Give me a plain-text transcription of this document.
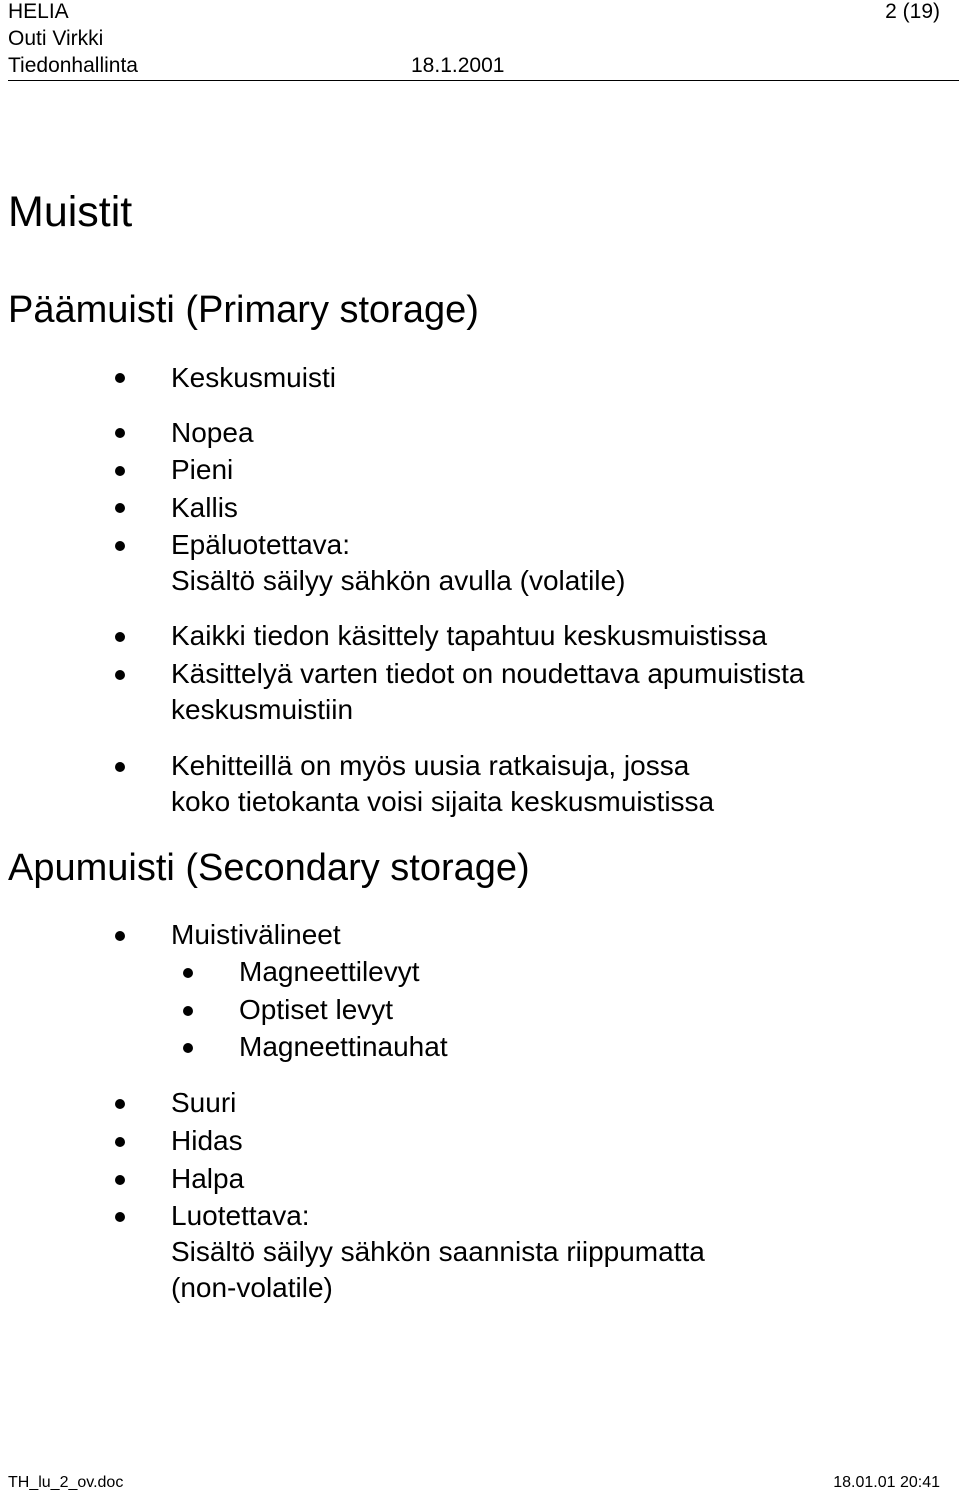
HELIA	2 (19)
Outi Virkki
Tiedonhallinta	18.1.2001
Muistit
Päämuisti (Primary storage)
Keskusmuisti
Nopea
Pieni
Kallis
Epäluotettava:
Sisältö säilyy sähkön avulla (volatile)
Kaikki tiedon käsittely tapahtuu keskusmuistissa
Käsittelyä varten tiedot on noudettava apumuistista
keskusmuistiin
Kehitteillä on myös uusia ratkaisuja, jossa
koko tietokanta voisi sijaita keskusmuistissa
Apumuisti (Secondary storage)
Muistivälineet
Magneettilevyt
Optiset levyt
Magneettinauhat
Suuri
Hidas
Halpa
Luotettava:
Sisältö säilyy sähkön saannista riippumatta
(non-volatile)
TH_lu_2_ov.doc	18.01.01 20:41
